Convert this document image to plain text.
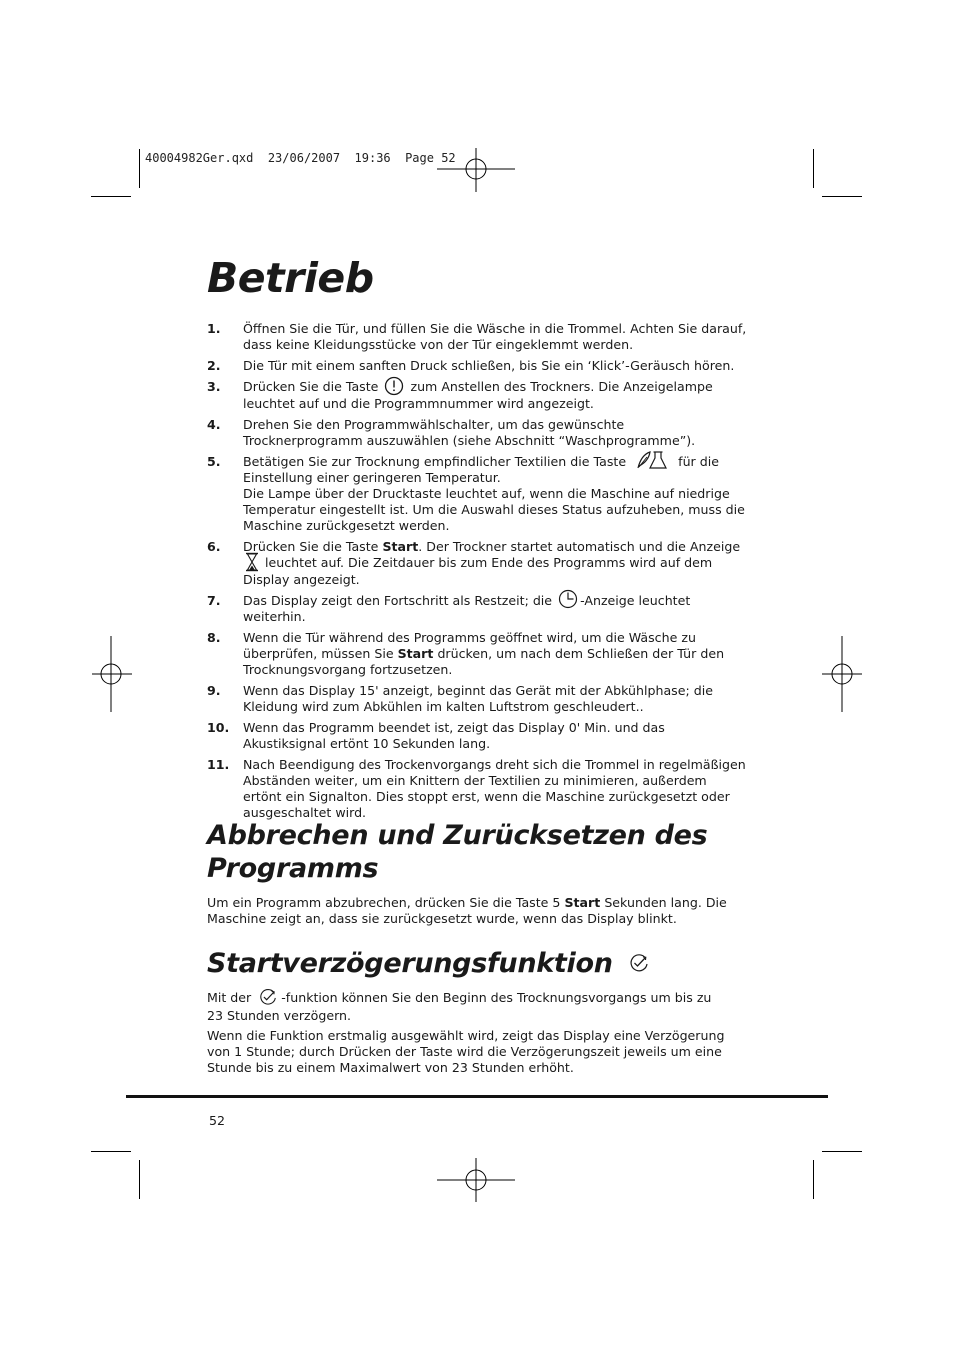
40004982Ger.qxd  23/06/2007  19:36  Page 52
Betrieb
1.	Öffnen Sie die Tür, und füllen Sie die Wäsche in die Trommel. Achten Sie darauf, dass keine Kleidungsstücke von der Tür eingeklemmt werden.
2.	Die Tür mit einem sanften Druck schließen, bis Sie ein ‘Klick’-Geräusch hören.
3.	Drücken Sie die Taste	zum Anstellen des Trockners. Die Anzeigelampe leuchtet auf und die Programmnummer wird angezeigt.
4.	Drehen Sie den Programmwählschalter, um das gewünschte Trocknerprogramm auszuwählen (siehe Abschnitt “Waschprogramme”).
5.	Betätigen Sie zur Trocknung empfindlicher Textilien die Taste	für die Einstellung einer geringeren Temperatur.
Die Lampe über der Drucktaste leuchtet auf, wenn die Maschine auf niedrige Temperatur eingestellt ist. Um die Auswahl dieses Status aufzuheben, muss die Maschine zurückgesetzt werden.
6.	Drücken Sie die Taste Start. Der Trockner startet automatisch und die Anzeige  leuchtet auf. Die Zeitdauer bis zum Ende des Programms wird auf dem Display angezeigt.
7.	Das Display zeigt den Fortschritt als Restzeit; die -Anzeige leuchtet weiterhin.
8.	Wenn die Tür während des Programms geöffnet wird, um die Wäsche zu überprüfen, müssen Sie Start drücken, um nach dem Schließen der Tür den Trocknungsvorgang fortzusetzen.
9.	Wenn das Display 15' anzeigt, beginnt das Gerät mit der Abkühlphase; die Kleidung wird zum Abkühlen im kalten Luftstrom geschleudert..
10.	Wenn das Programm beendet ist, zeigt das Display 0' Min. und das Akustiksignal ertönt 10 Sekunden lang.
11.	Nach Beendigung des Trockenvorgangs dreht sich die Trommel in regelmäßigen Abständen weiter, um ein Knittern der Textilien zu minimieren, außerdem ertönt ein Signalton. Dies stoppt erst, wenn die Maschine zurückgesetzt oder ausgeschaltet wird.
Abbrechen und Zurücksetzen des
Programms

Um ein Programm abzubrechen, drücken Sie die Taste 5 Start Sekunden lang. Die Maschine zeigt an, dass sie zurückgesetzt wurde, wenn das Display blinkt.

Startverzögerungsfunktion

Mit der -funktion können Sie den Beginn des Trocknungsvorgangs um bis zu
23 Stunden verzögern.

Wenn die Funktion erstmalig ausgewählt wird, zeigt das Display eine Verzögerung von 1 Stunde; durch Drücken der Taste wird die Verzögerungszeit jeweils um eine Stunde bis zu einem Maximalwert von 23 Stunden erhöht.

52
